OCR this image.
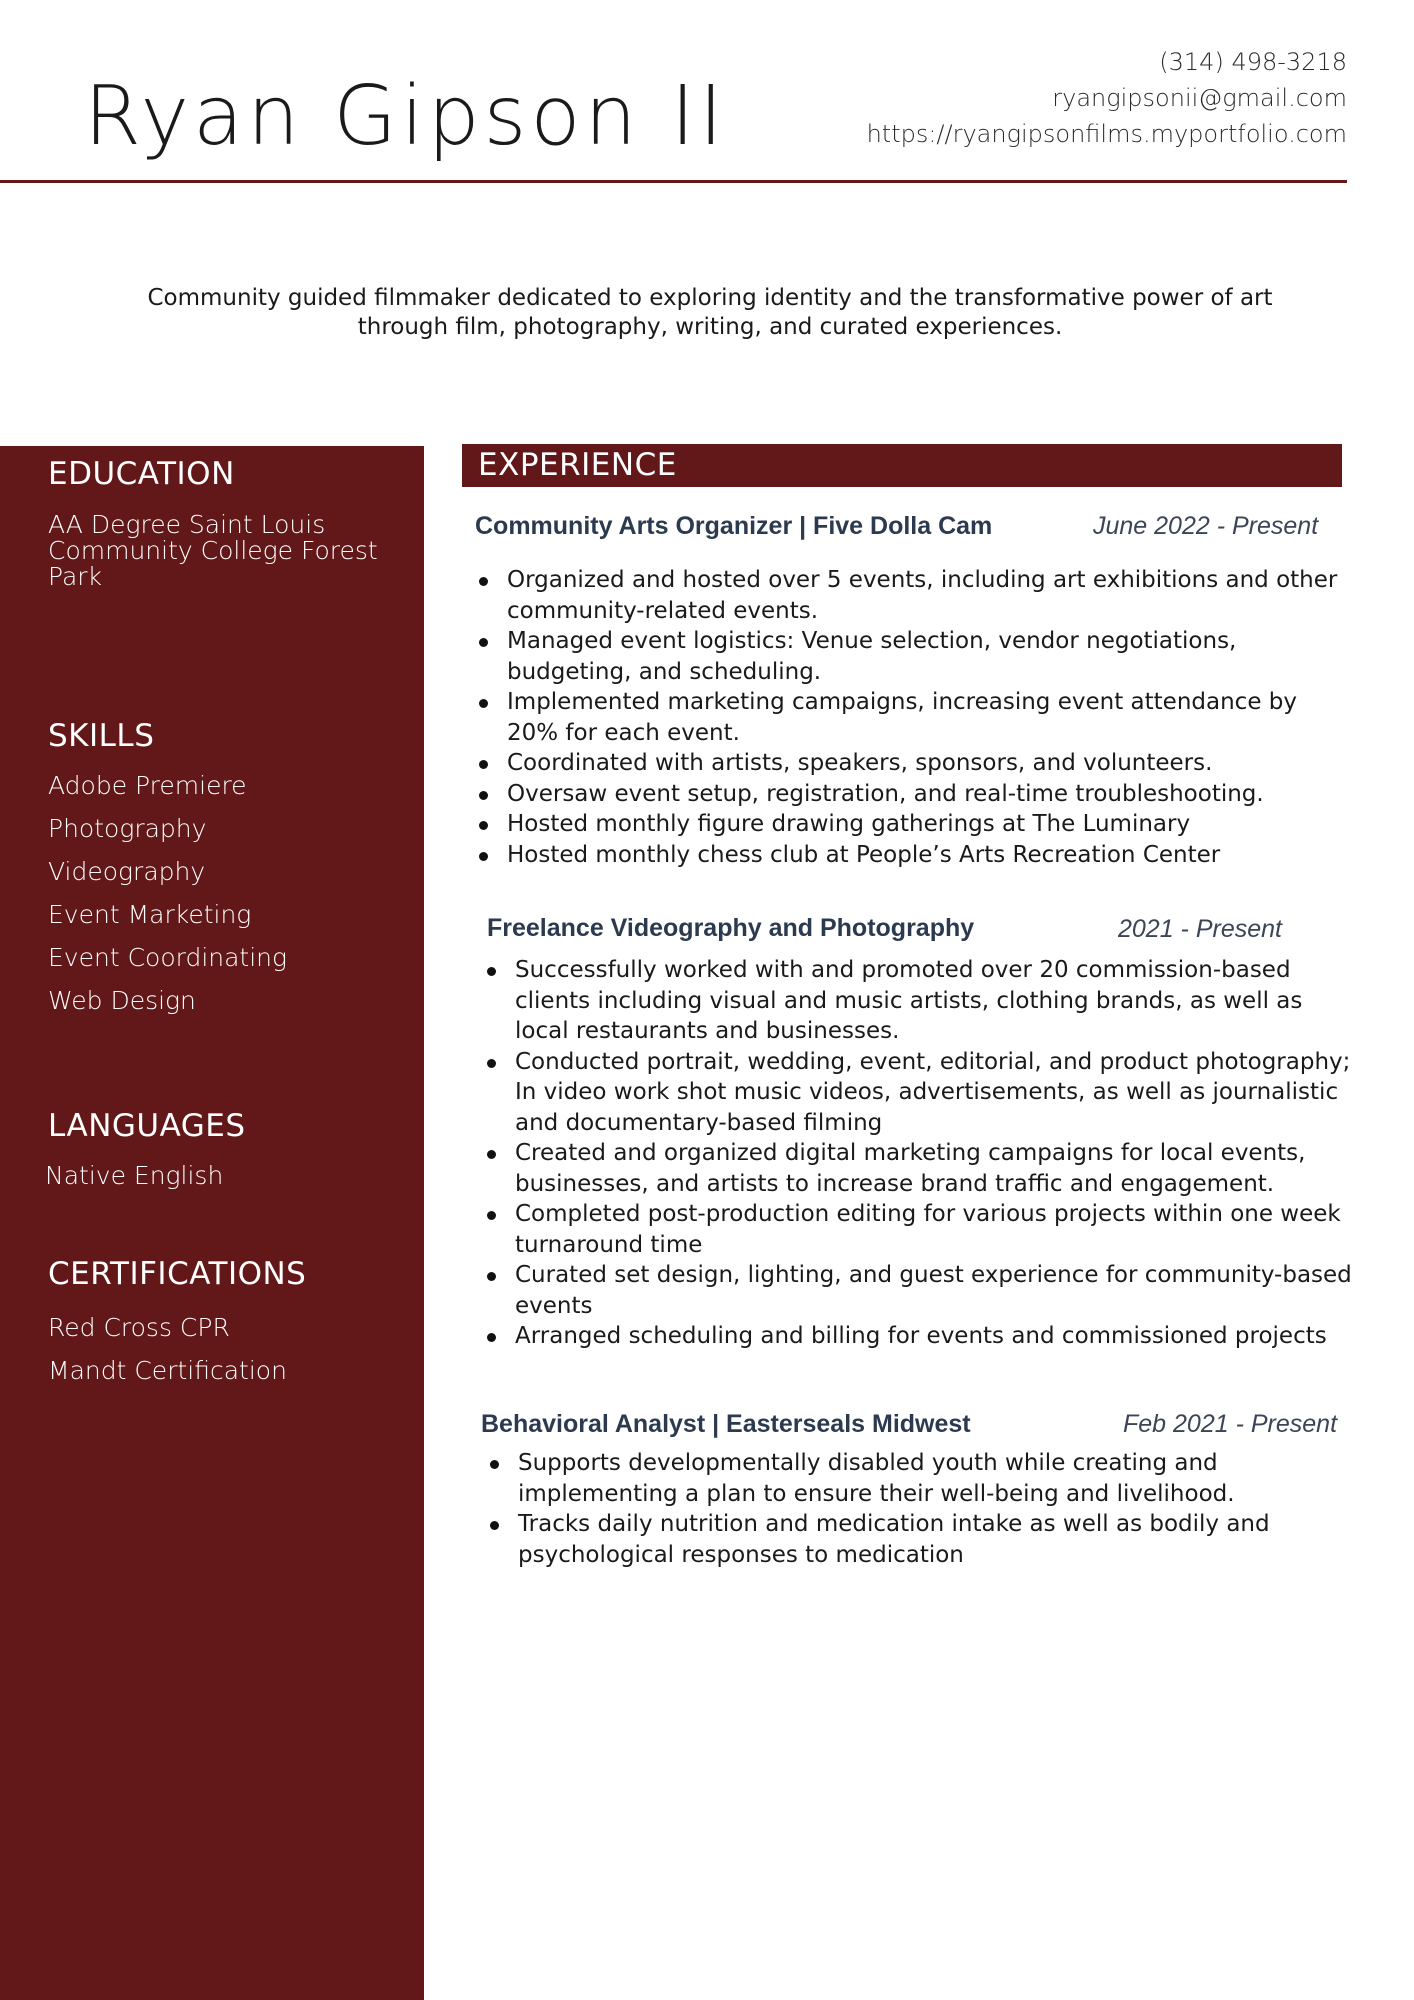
Ryan Gipson II
(314) 498-3218
ryangipsonii@gmail.com
https://ryangipsonfilms.myportfolio.com
Community guided filmmaker dedicated to exploring identity and the transformative power of art through film, photography, writing, and curated experiences.
EDUCATION
AA Degree Saint Louis Community College Forest Park
SKILLS
Adobe Premiere
Photography
Videography
Event Marketing
Event Coordinating
Web Design
LANGUAGES
Native English
CERTIFICATIONS
Red Cross CPR
Mandt Certification
EXPERIENCE
Community Arts Organizer | Five Dolla Cam	June 2022 - Present
Organized and hosted over 5 events, including art exhibitions and other community-related events.
Managed event logistics: Venue selection, vendor negotiations, budgeting, and scheduling.
Implemented marketing campaigns, increasing event attendance by 20% for each event.
Coordinated with artists, speakers, sponsors, and volunteers.
Oversaw event setup, registration, and real-time troubleshooting.
Hosted monthly figure drawing gatherings at The Luminary
Hosted monthly chess club at People’s Arts Recreation Center
Freelance Videography and Photography	2021 - Present
Successfully worked with and promoted over 20 commission-based clients including visual and music artists, clothing brands, as well as local restaurants and businesses.
Conducted portrait, wedding, event, editorial, and product photography; In video work shot music videos, advertisements, as well as journalistic and documentary-based filming
Created and organized digital marketing campaigns for local events, businesses, and artists to increase brand traffic and engagement.
Completed post-production editing for various projects within one week turnaround time
Curated set design, lighting, and guest experience for community-based events
Arranged scheduling and billing for events and commissioned projects
Behavioral Analyst | Easterseals Midwest	Feb 2021 - Present
Supports developmentally disabled youth while creating and implementing a plan to ensure their well-being and livelihood.
Tracks daily nutrition and medication intake as well as bodily and psychological responses to medication
